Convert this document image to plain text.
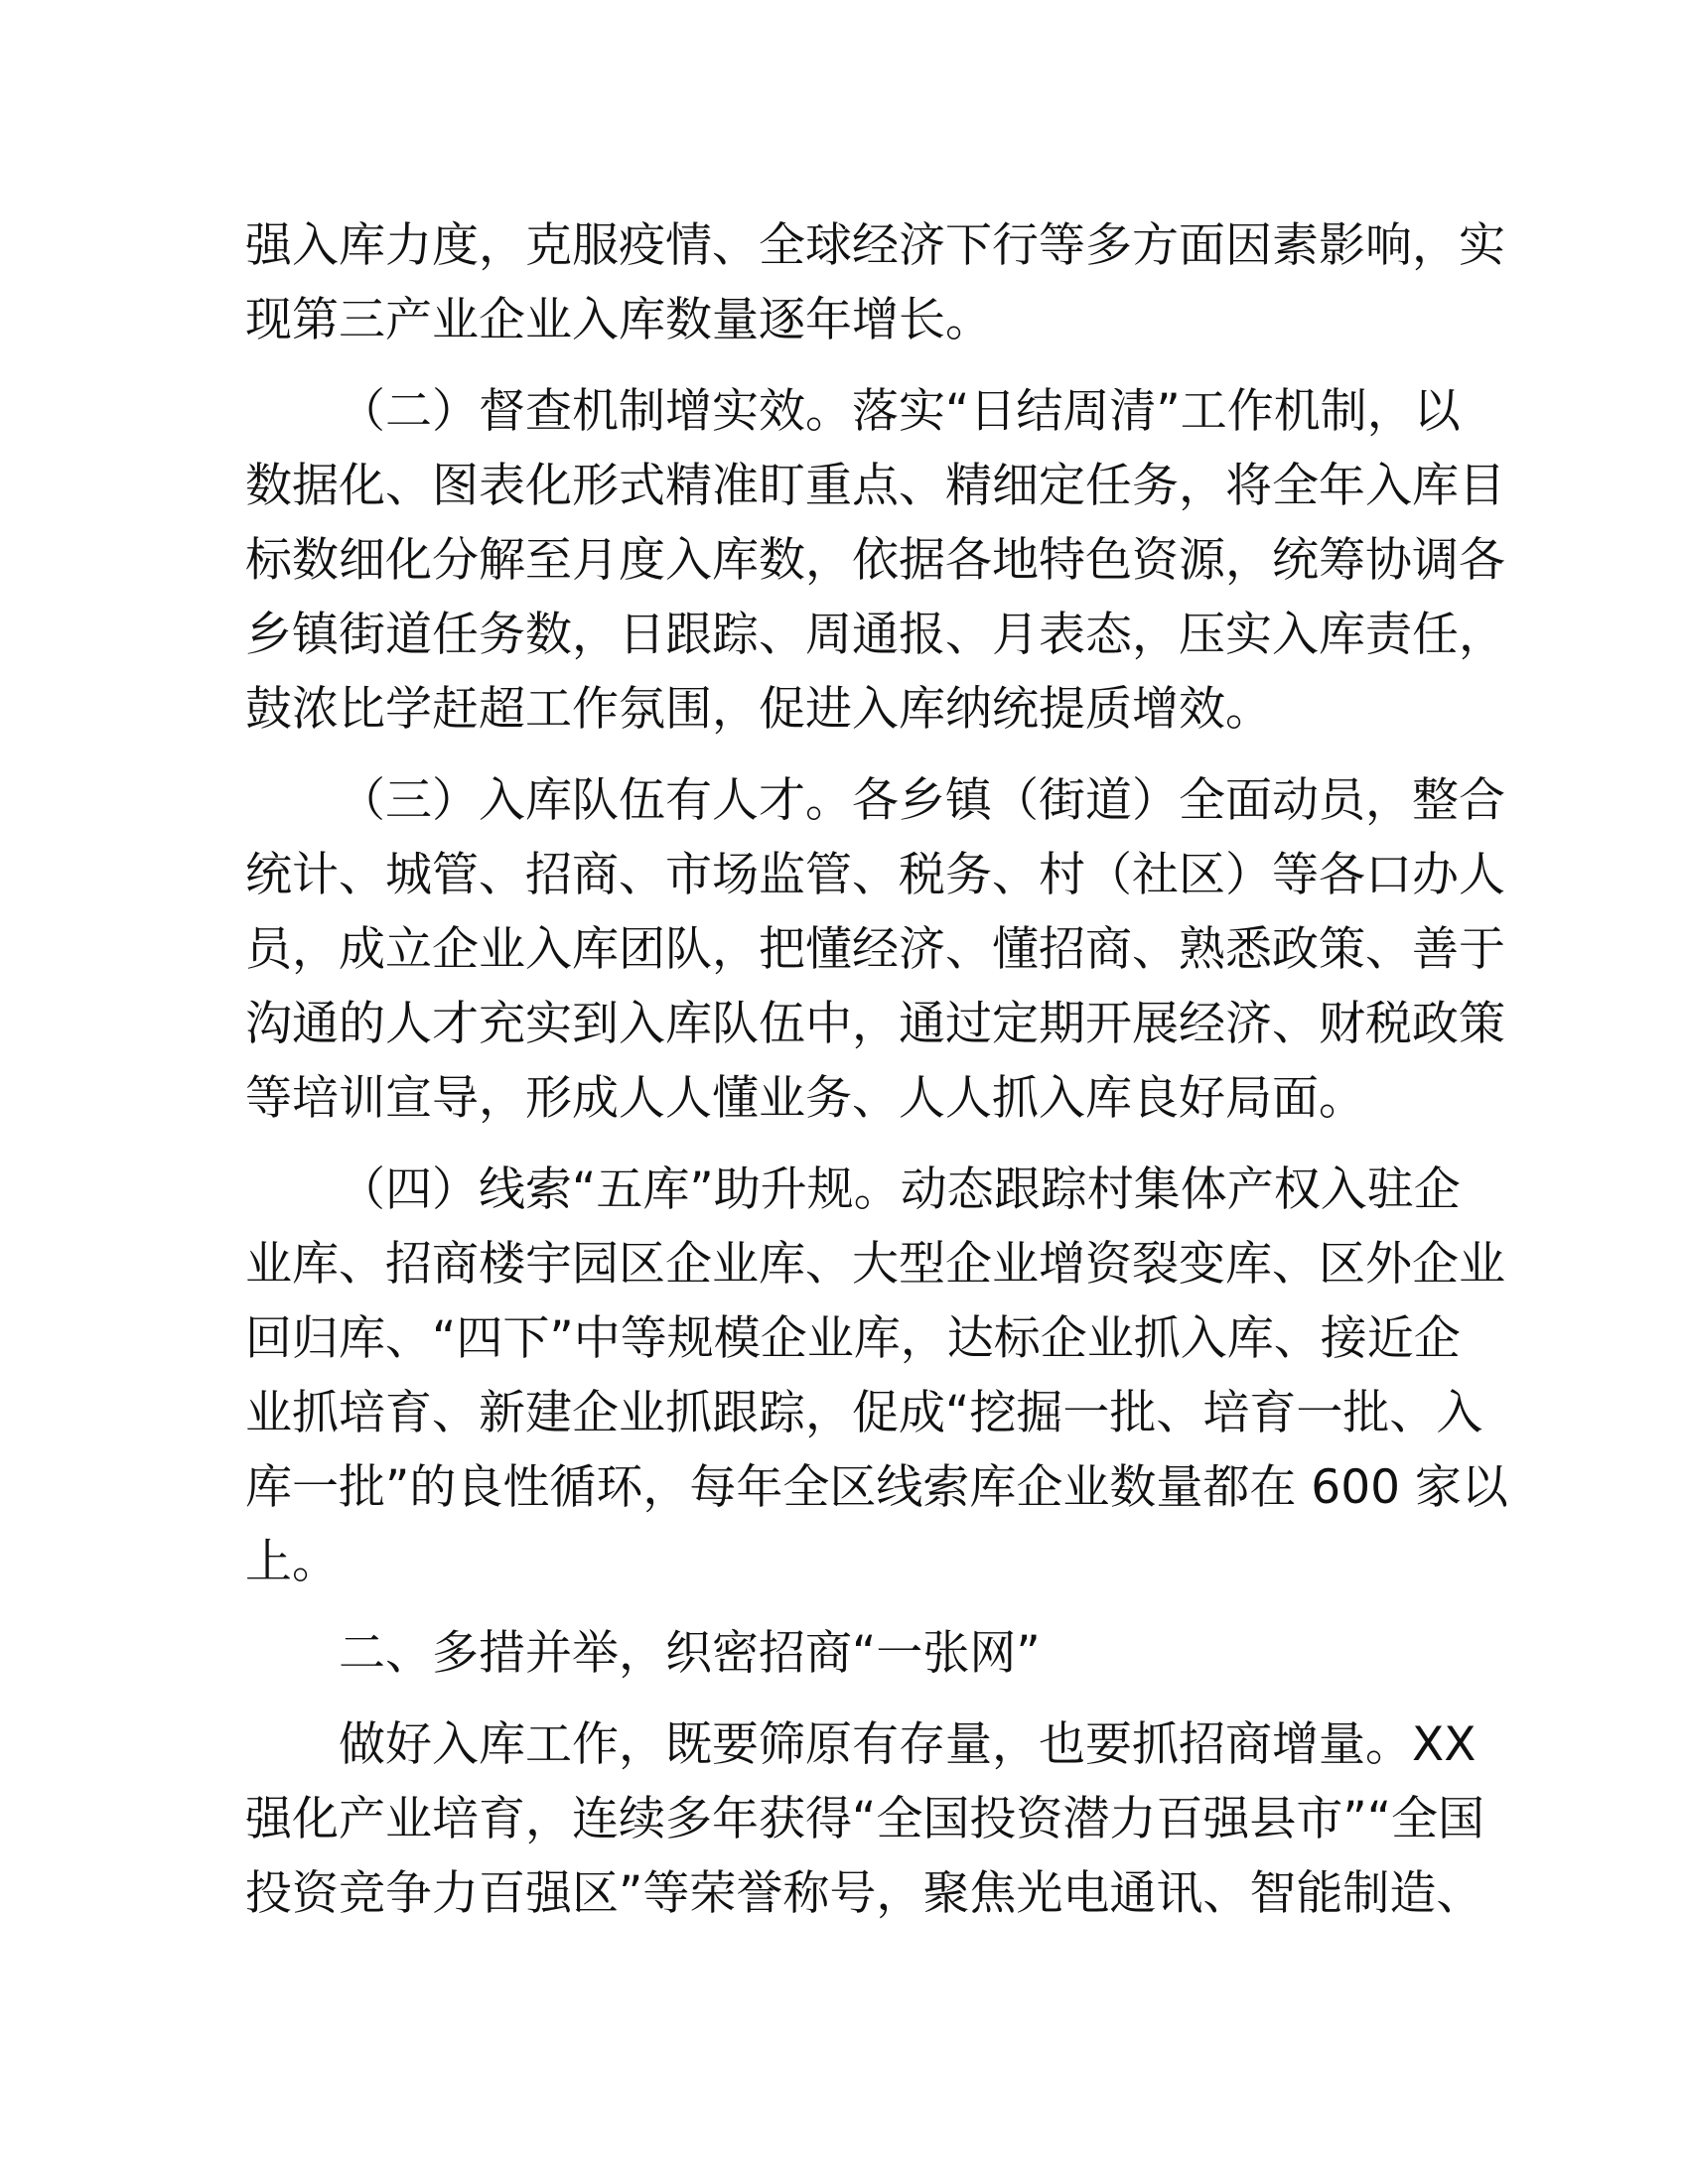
强入库力度，克服疫情、全球经济下行等多方面因素影响，实
现第三产业企业入库数量逐年增长。
（二）督查机制增实效。落实“日结周清”工作机制，以
数据化、图表化形式精准盯重点、精细定任务，将全年入库目
标数细化分解至月度入库数，依据各地特色资源，统筹协调各
乡镇街道任务数，日跟踪、周通报、月表态，压实入库责任，
鼓浓比学赶超工作氛围，促进入库纳统提质增效。
（三）入库队伍有人才。各乡镇（街道）全面动员，整合
统计、城管、招商、市场监管、税务、村（社区）等各口办人
员，成立企业入库团队，把懂经济、懂招商、熟悉政策、善于
沟通的人才充实到入库队伍中，通过定期开展经济、财税政策
等培训宣导，形成人人懂业务、人人抓入库良好局面。
（四）线索“五库”助升规。动态跟踪村集体产权入驻企
业库、招商楼宇园区企业库、大型企业增资裂变库、区外企业
回归库、“四下”中等规模企业库，达标企业抓入库、接近企
业抓培育、新建企业抓跟踪，促成“挖掘一批、培育一批、入
库一批”的良性循环，每年全区线索库企业数量都在 600 家以
上。
二、多措并举，织密招商“一张网”
做好入库工作，既要筛原有存量，也要抓招商增量。XX
强化产业培育，连续多年获得“全国投资潜力百强县市”“全国
投资竞争力百强区”等荣誉称号，聚焦光电通讯、智能制造、
